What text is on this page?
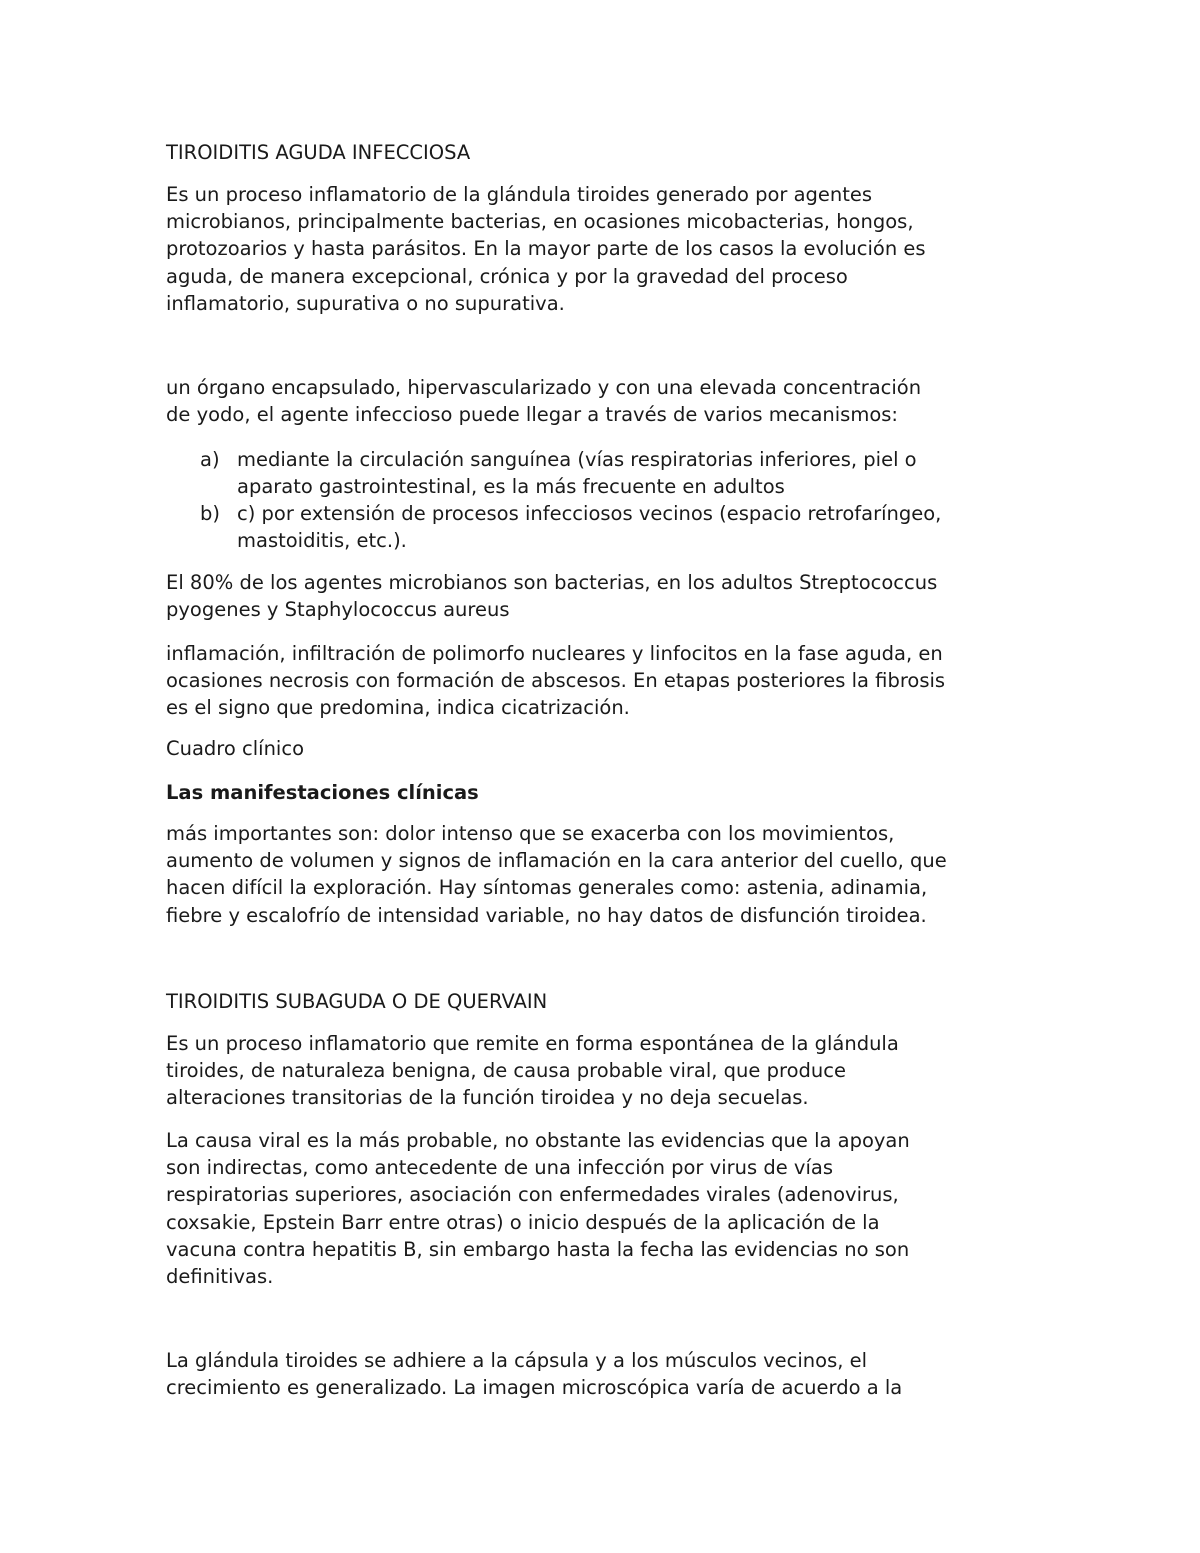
TIROIDITIS AGUDA INFECCIOSA
Es un proceso inflamatorio de la glándula tiroides generado por agentes
microbianos, principalmente bacterias, en ocasiones micobacterias, hongos,
protozoarios y hasta parásitos. En la mayor parte de los casos la evolución es
aguda, de manera excepcional, crónica y por la gravedad del proceso
inflamatorio, supurativa o no supurativa.
un órgano encapsulado, hipervascularizado y con una elevada concentración
de yodo, el agente infeccioso puede llegar a través de varios mecanismos:
a) mediante la circulación sanguínea (vías respiratorias inferiores, piel o
aparato gastrointestinal, es la más frecuente en adultos
b) c) por extensión de procesos infecciosos vecinos (espacio retrofaríngeo,
mastoiditis, etc.).
El 80% de los agentes microbianos son bacterias, en los adultos Streptococcus
pyogenes y Staphylococcus aureus
inflamación, infiltración de polimorfo nucleares y linfocitos en la fase aguda, en
ocasiones necrosis con formación de abscesos. En etapas posteriores la fibrosis
es el signo que predomina, indica cicatrización.
Cuadro clínico
Las manifestaciones clínicas
más importantes son: dolor intenso que se exacerba con los movimientos,
aumento de volumen y signos de inflamación en la cara anterior del cuello, que
hacen difícil la exploración. Hay síntomas generales como: astenia, adinamia,
fiebre y escalofrío de intensidad variable, no hay datos de disfunción tiroidea.
TIROIDITIS SUBAGUDA O DE QUERVAIN
Es un proceso inflamatorio que remite en forma espontánea de la glándula
tiroides, de naturaleza benigna, de causa probable viral, que produce
alteraciones transitorias de la función tiroidea y no deja secuelas.
La causa viral es la más probable, no obstante las evidencias que la apoyan
son indirectas, como antecedente de una infección por virus de vías
respiratorias superiores, asociación con enfermedades virales (adenovirus,
coxsakie, Epstein Barr entre otras) o inicio después de la aplicación de la
vacuna contra hepatitis B, sin embargo hasta la fecha las evidencias no son
definitivas.
La glándula tiroides se adhiere a la cápsula y a los músculos vecinos, el
crecimiento es generalizado. La imagen microscópica varía de acuerdo a la
